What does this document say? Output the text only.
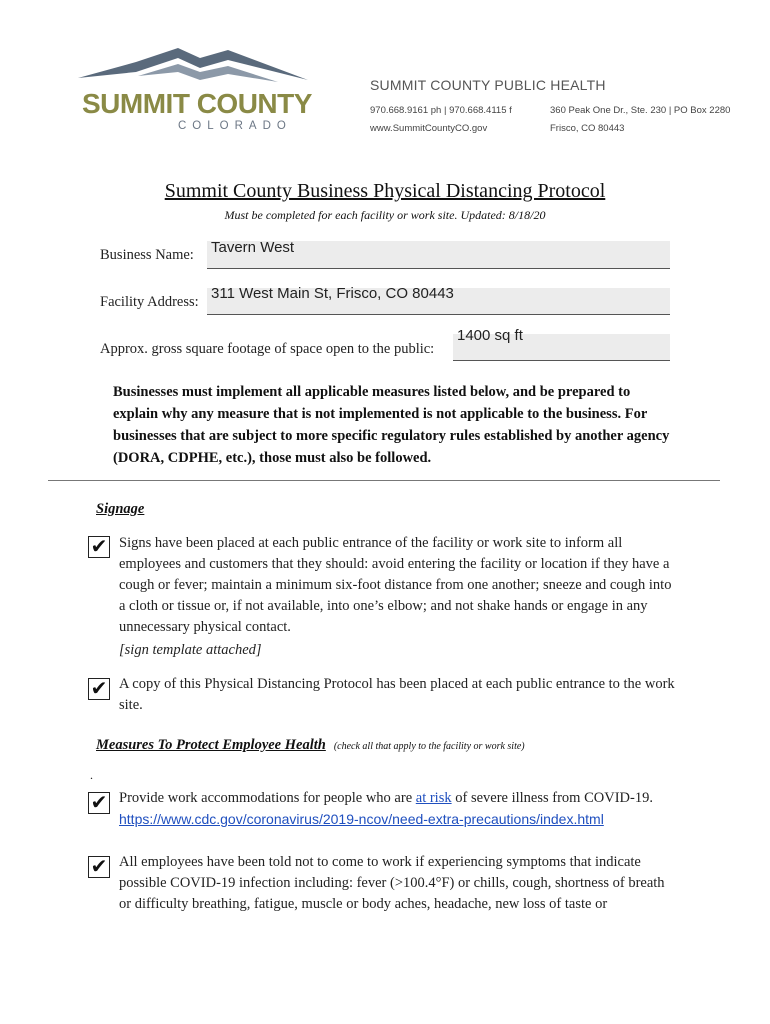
SUMMIT COUNTY
COLORADO
SUMMIT COUNTY PUBLIC HEALTH
970.668.9161 ph | 970.668.4115 f
www.SummitCountyCO.gov
360 Peak One Dr., Ste. 230 | PO Box 2280
Frisco, CO 80443
Summit County Business Physical Distancing Protocol
Must be completed for each facility or work site. Updated: 8/18/20
Business Name: Tavern West
Facility Address: 311 West Main St, Frisco, CO 80443
Approx. gross square footage of space open to the public:
1400 sq ft
Businesses must implement all applicable measures listed below, and be prepared to explain why any measure that is not implemented is not applicable to the business. For businesses that are subject to more specific regulatory rules established by another agency (DORA, CDPHE, etc.), those must also be followed.
Signage
✔ Signs have been placed at each public entrance of the facility or work site to inform all employees and customers that they should: avoid entering the facility or location if they have a cough or fever; maintain a minimum six-foot distance from one another; sneeze and cough into a cloth or tissue or, if not available, into one’s elbow; and not shake hands or engage in any unnecessary physical contact.
[sign template attached]
✔ A copy of this Physical Distancing Protocol has been placed at each public entrance to the work site.
Measures To Protect Employee Health (check all that apply to the facility or work site)
.
✔ Provide work accommodations for people who are at risk of severe illness from COVID-19. https://www.cdc.gov/coronavirus/2019-ncov/need-extra-precautions/index.html
✔ All employees have been told not to come to work if experiencing symptoms that indicate possible COVID-19 infection including: fever (>100.4°F) or chills, cough, shortness of breath or difficulty breathing, fatigue, muscle or body aches, headache, new loss of taste or
